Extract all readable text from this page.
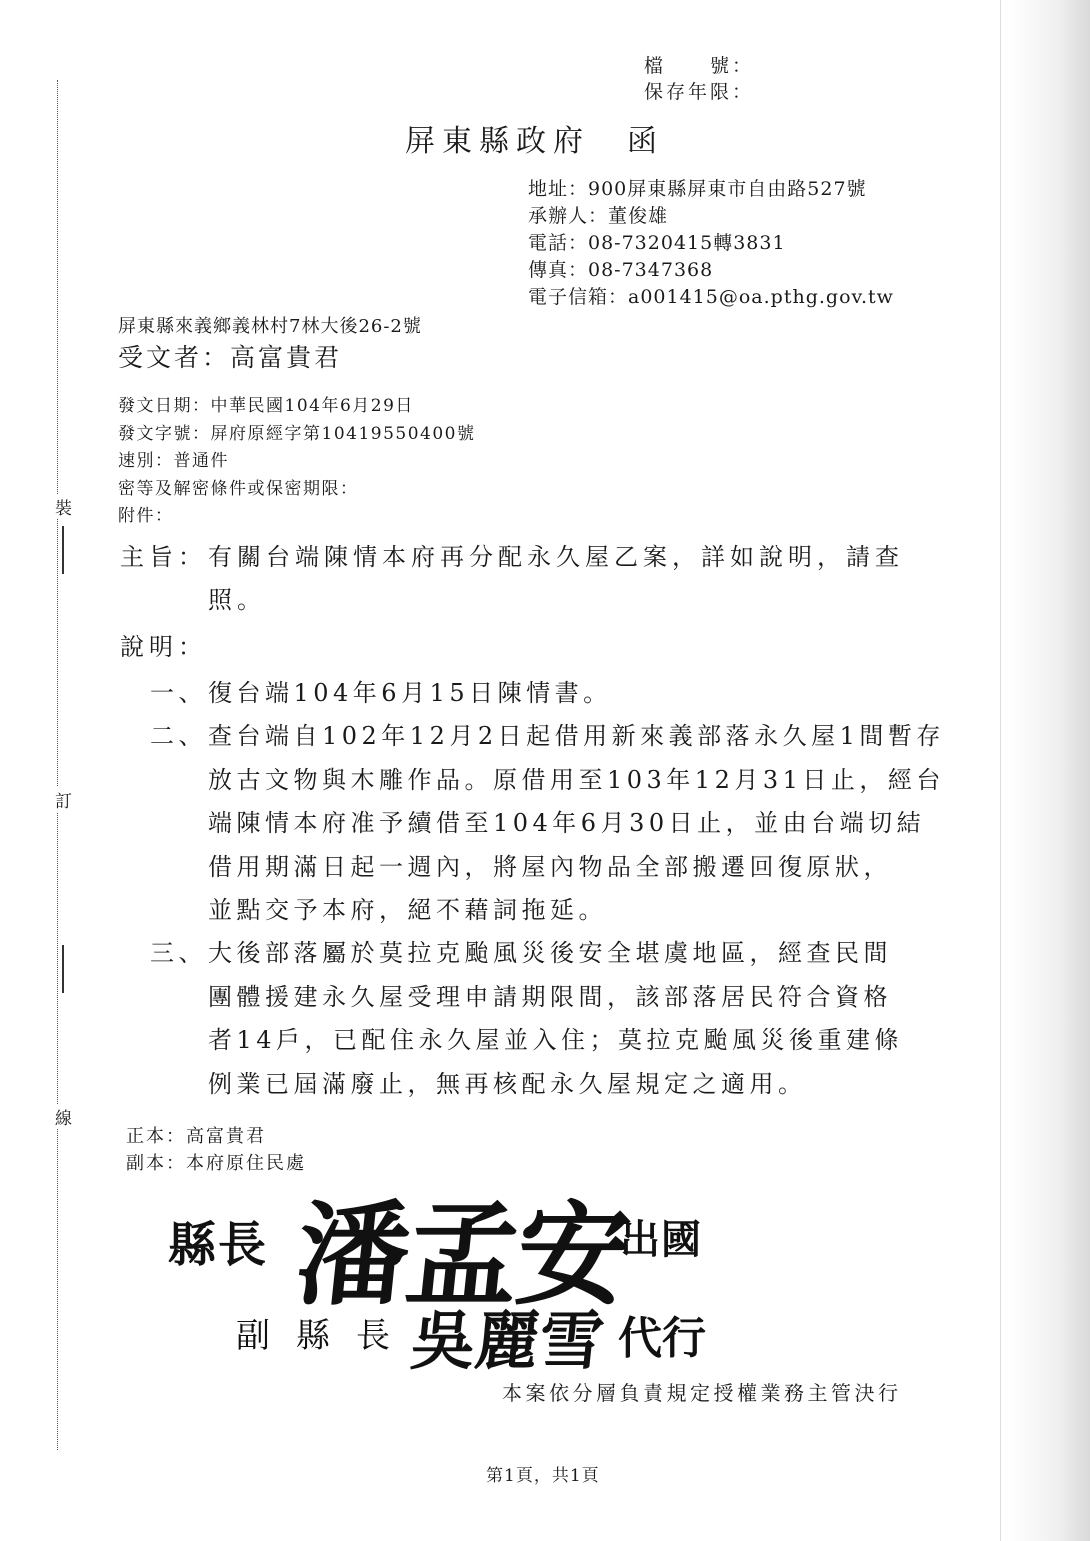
裝
訂
線
檔　　號：
保存年限：
屏東縣政府　函
地址：900屏東縣屏東市自由路527號
承辦人：董俊雄
電話：08-7320415轉3831
傳真：08-7347368
電子信箱：a001415@oa.pthg.gov.tw
屏東縣來義鄉義林村7林大後26-2號
受文者：高富貴君
發文日期：中華民國104年6月29日
發文字號：屏府原經字第10419550400號
速別：普通件
密等及解密條件或保密期限：
附件：
主旨： 有關台端陳情本府再分配永久屋乙案，詳如說明，請查
照。
說明：
一、 復台端104年6月15日陳情書。
二、 查台端自102年12月2日起借用新來義部落永久屋1間暫存
放古文物與木雕作品。原借用至103年12月31日止，經台
端陳情本府准予續借至104年6月30日止，並由台端切結
借用期滿日起一週內，將屋內物品全部搬遷回復原狀，
並點交予本府，絕不藉詞拖延。
三、 大後部落屬於莫拉克颱風災後安全堪虞地區，經查民間
團體援建永久屋受理申請期限間，該部落居民符合資格
者14戶，已配住永久屋並入住；莫拉克颱風災後重建條
例業已屆滿廢止，無再核配永久屋規定之適用。
正本：高富貴君
副本：本府原住民處
縣長 潘孟安
出國
副縣長
吳麗雪 代行
本案依分層負責規定授權業務主管決行
第1頁，共1頁
